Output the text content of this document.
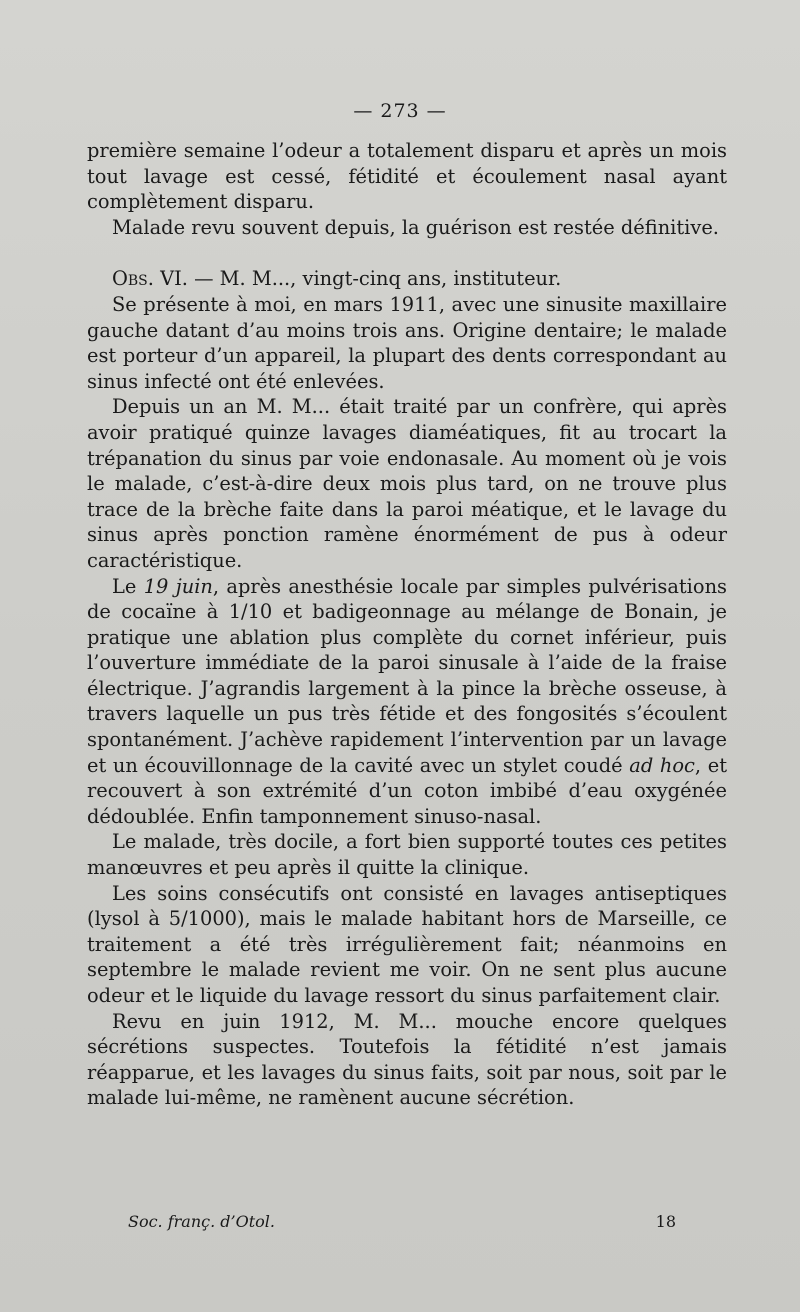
— 273 —

première semaine l’odeur a totalement disparu et après un mois tout lavage est cessé, fétidité et écoulement nasal ayant complètement disparu.

Malade revu souvent depuis, la guérison est restée définitive.

Obs. VI. — M. M..., vingt-cinq ans, instituteur.

Se présente à moi, en mars 1911, avec une sinusite maxillaire gauche datant d’au moins trois ans. Origine dentaire; le malade est porteur d’un appareil, la plupart des dents correspondant au sinus infecté ont été enlevées.

Depuis un an M. M... était traité par un confrère, qui après avoir pratiqué quinze lavages diaméatiques, fit au trocart la trépanation du sinus par voie endonasale. Au moment où je vois le malade, c’est-à-dire deux mois plus tard, on ne trouve plus trace de la brèche faite dans la paroi méatique, et le lavage du sinus après ponction ramène énormément de pus à odeur caractéristique.

Le 19 juin, après anesthésie locale par simples pulvérisations de cocaïne à 1/10 et badigeonnage au mélange de Bonain, je pratique une ablation plus complète du cornet inférieur, puis l’ouverture immédiate de la paroi sinusale à l’aide de la fraise électrique. J’agrandis largement à la pince la brèche osseuse, à travers laquelle un pus très fétide et des fongosités s’écoulent spontanément. J’achève rapidement l’intervention par un lavage et un écouvillonnage de la cavité avec un stylet coudé ad hoc, et recouvert à son extrémité d’un coton imbibé d’eau oxygénée dédoublée. Enfin tamponnement sinuso-nasal.

Le malade, très docile, a fort bien supporté toutes ces petites manœuvres et peu après il quitte la clinique.

Les soins consécutifs ont consisté en lavages antiseptiques (lysol à 5/1000), mais le malade habitant hors de Marseille, ce traitement a été très irrégulièrement fait; néanmoins en septembre le malade revient me voir. On ne sent plus aucune odeur et le liquide du lavage ressort du sinus parfaitement clair.

Revu en juin 1912, M. M... mouche encore quelques sécrétions suspectes. Toutefois la fétidité n’est jamais réapparue, et les lavages du sinus faits, soit par nous, soit par le malade lui-même, ne ramènent aucune sécrétion.

Soc. franç. d’Otol.	18
